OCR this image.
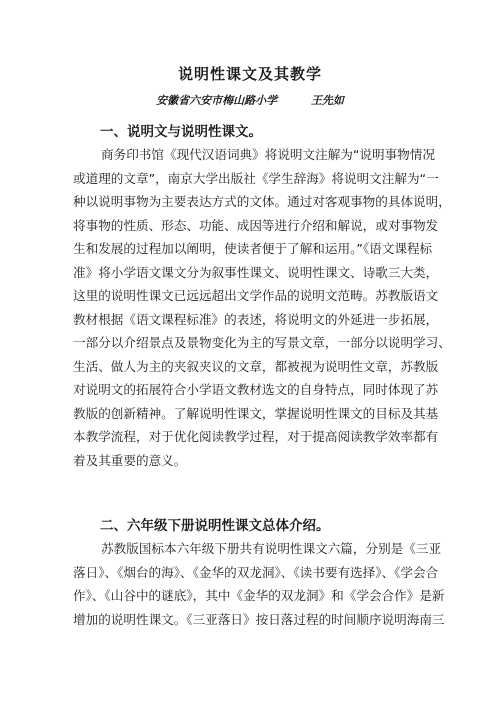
说明性课文及其教学
安徽省六安市梅山路小学	王先如
一、说明文与说明性课文。
商务印书馆《现代汉语词典》将说明文注解为“说明事物情况
或道理的文章”，南京大学出版社《学生辞海》将说明文注解为“一
种以说明事物为主要表达方式的文体。通过对客观事物的具体说明，
将事物的性质、形态、功能、成因等进行介绍和解说，或对事物发
生和发展的过程加以阐明，使读者便于了解和运用。”《语文课程标
准》将小学语文课文分为叙事性课文、说明性课文、诗歌三大类，
这里的说明性课文已远远超出文学作品的说明文范畴。苏教版语文
教材根据《语文课程标准》的表述，将说明文的外延进一步拓展，
一部分以介绍景点及景物变化为主的写景文章，一部分以说明学习、
生活、做人为主的夹叙夹议的文章，都被视为说明性文章，苏教版
对说明文的拓展符合小学语文教材选文的自身特点，同时体现了苏
教版的创新精神。了解说明性课文，掌握说明性课文的目标及其基
本教学流程，对于优化阅读教学过程，对于提高阅读教学效率都有
着及其重要的意义。
二、六年级下册说明性课文总体介绍。
苏教版国标本六年级下册共有说明性课文六篇，分别是《三亚
落日》、《烟台的海》、《金华的双龙洞》、《读书要有选择》、《学会合
作》、《山谷中的谜底》，其中《金华的双龙洞》和《学会合作》是新
增加的说明性课文。《三亚落日》按日落过程的时间顺序说明海南三
